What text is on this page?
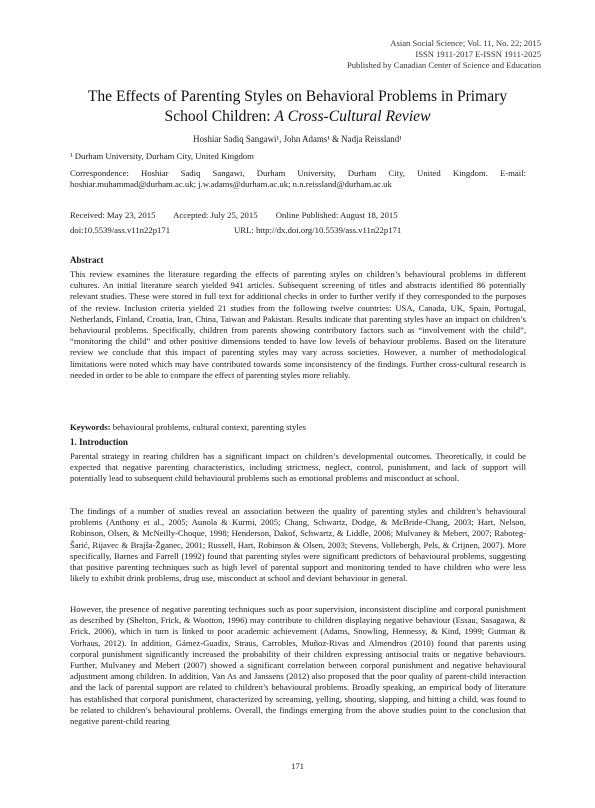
Asian Social Science; Vol. 11, No. 22; 2015
ISSN 1911-2017 E-ISSN 1911-2025
Published by Canadian Center of Science and Education
The Effects of Parenting Styles on Behavioral Problems in Primary
School Children: A Cross-Cultural Review
Hoshiar Sadiq Sangawi¹, John Adams¹ & Nadja Reissland¹
¹ Durham University, Durham City, United Kingdom
Correspondence: Hoshiar Sadiq Sangawi, Durham University, Durham City, United Kingdom. E-mail: hoshiar.muhammad@durham.ac.uk; j.w.adams@durham.ac.uk; n.n.reissland@durham.ac.uk
Received: May 23, 2015 Accepted: July 25, 2015 Online Published: August 18, 2015
doi:10.5539/ass.v11n22p171	URL: http://dx.doi.org/10.5539/ass.v11n22p171
Abstract
This review examines the literature regarding the effects of parenting styles on children’s behavioural problems in different cultures. An initial literature search yielded 941 articles. Subsequent screening of titles and abstracts identified 86 potentially relevant studies. These were stored in full text for additional checks in order to further verify if they corresponded to the purposes of the review. Inclusion criteria yielded 21 studies from the following twelve countries: USA, Canada, UK, Spain, Portugal, Netherlands, Finland, Croatia, Iran, China, Taiwan and Pakistan. Results indicate that parenting styles have an impact on children’s behavioural problems. Specifically, children from parents showing contributory factors such as “involvement with the child”, “monitoring the child” and other positive dimensions tended to have low levels of behaviour problems. Based on the literature review we conclude that this impact of parenting styles may vary across societies. However, a number of methodological limitations were noted which may have contributed towards some inconsistency of the findings. Further cross-cultural research is needed in order to be able to compare the effect of parenting styles more reliably.
Keywords: behavioural problems, cultural context, parenting styles
1. Introduction
Parental strategy in rearing children has a significant impact on children’s developmental outcomes. Theoretically, it could be expected that negative parenting characteristics, including strictness, neglect, control, punishment, and lack of support will potentially lead to subsequent child behavioural problems such as emotional problems and misconduct at school.
The findings of a number of studies reveal an association between the quality of parenting styles and children’s behavioural problems (Anthony et al., 2005; Aunola & Kurmi, 2005; Chang, Schwartz, Dodge, & McBride-Chang, 2003; Hart, Nelson, Robinson, Olsen, & McNeilly-Choque, 1998; Henderson, Dakof, Schwartz, & Liddle, 2006; Mulvaney & Mebert, 2007; Raboteg-Šarić, Rijavec & Brajša-Žganec, 2001; Russell, Hart, Robinson & Olsen, 2003; Stevens, Vollebergh, Pels, & Crijnen, 2007). More specifically, Barnes and Farrell (1992) found that parenting styles were significant predictors of behavioural problems, suggesting that positive parenting techniques such as high level of parental support and monitoring tended to have children who were less likely to exhibit drink problems, drug use, misconduct at school and deviant behaviour in general.
However, the presence of negative parenting techniques such as poor supervision, inconsistent discipline and corporal punishment as described by (Shelton, Frick, & Wootton, 1996) may contribute to children displaying negative behaviour (Essau, Sasagawa, & Frick, 2006), which in turn is linked to poor academic achievement (Adams, Snowling, Hennessy, & Kind, 1999; Gutman & Vorhaus, 2012). In addition, Gámez-Guadix, Straus, Carrobles, Muñoz-Rivas and Almendros (2010) found that parents using corporal punishment significantly increased the probability of their children expressing antisocial traits or negative behaviours. Further, Mulvaney and Mebert (2007) showed a significant correlation between corporal punishment and negative behavioural adjustment among children. In addition, Van As and Janssens (2012) also proposed that the poor quality of parent-child interaction and the lack of parental support are related to children’s behavioural problems. Broadly speaking, an empirical body of literature has established that corporal punishment, characterized by screaming, yelling, shouting, slapping, and hitting a child, was found to be related to children’s behavioural problems. Overall, the findings emerging from the above studies point to the conclusion that negative parent-child rearing
171
